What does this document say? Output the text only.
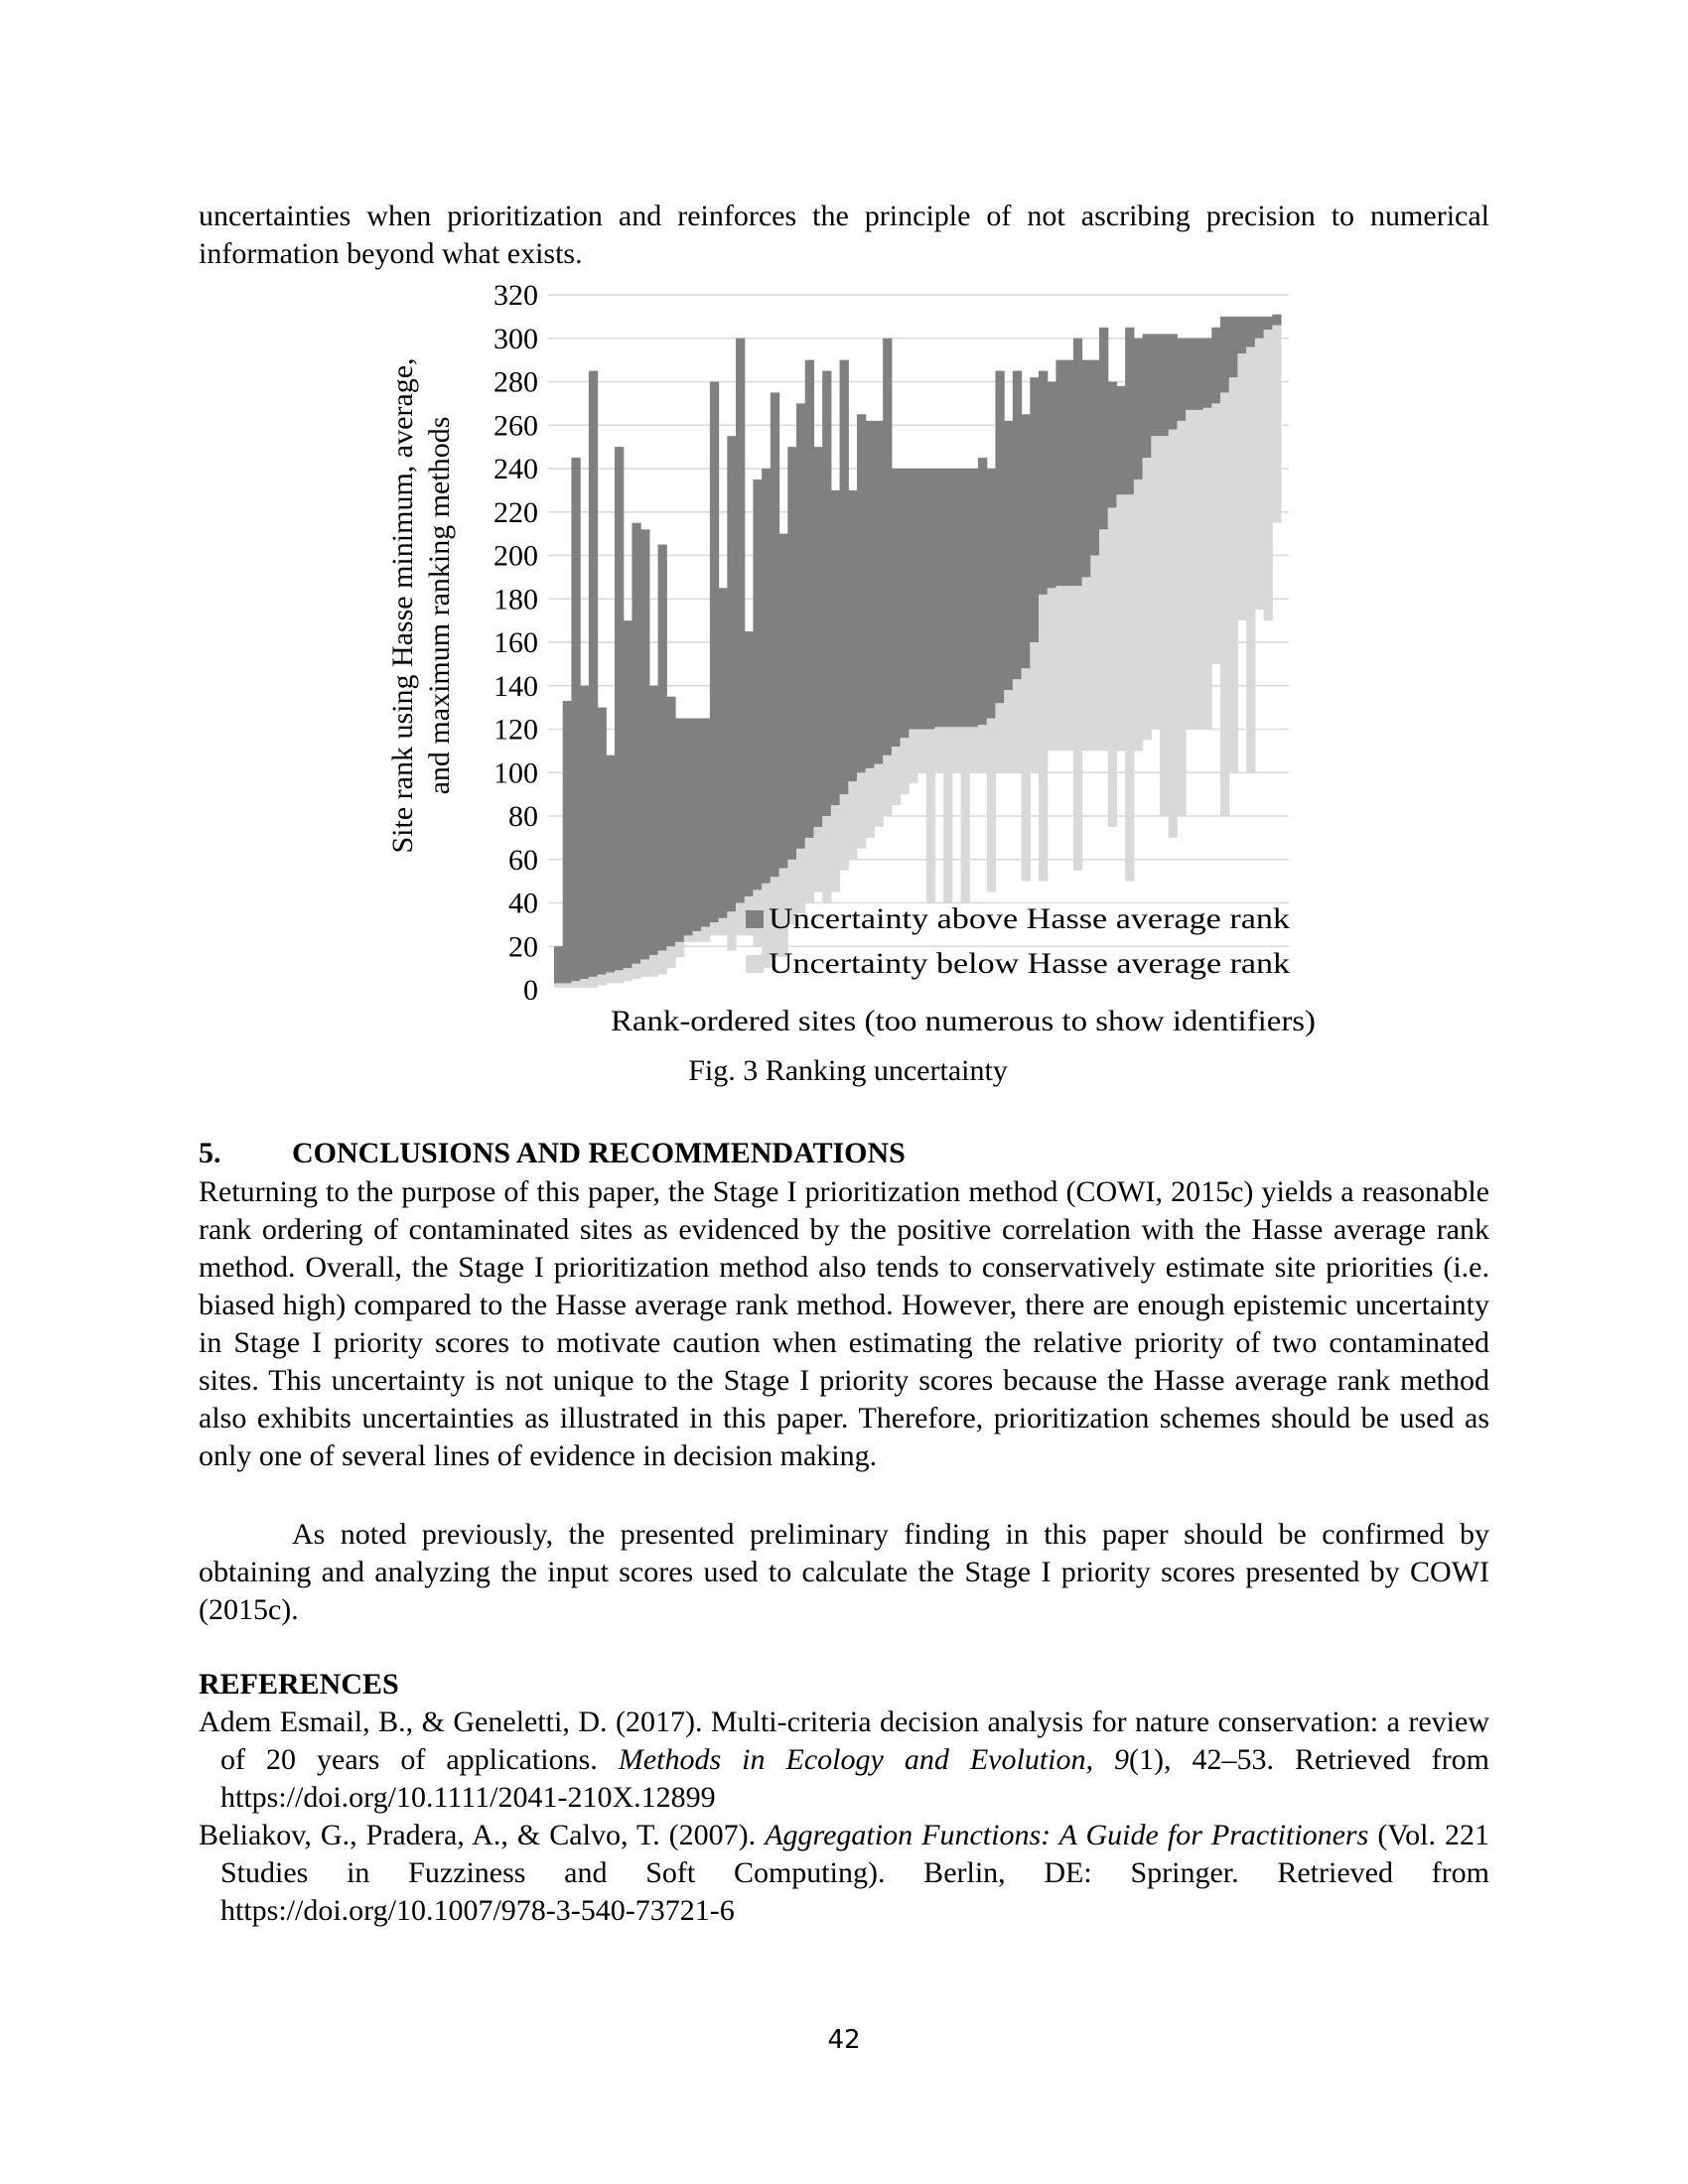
uncertainties when prioritization and reinforces the principle of not ascribing precision to numerical information beyond what exists.

0
20
40
60
80
100
120
140
160
180
200
220
240
260
280
300
320
Site rank using Hasse minimum, average, and maximum ranking methods
Uncertainty above Hasse average rank
Uncertainty below Hasse average rank
Rank-ordered sites (too numerous to show identifiers)

Fig. 3 Ranking uncertainty

5. CONCLUSIONS AND RECOMMENDATIONS

Returning to the purpose of this paper, the Stage I prioritization method (COWI, 2015c) yields a reasonable rank ordering of contaminated sites as evidenced by the positive correlation with the Hasse average rank method. Overall, the Stage I prioritization method also tends to conservatively estimate site priorities (i.e. biased high) compared to the Hasse average rank method. However, there are enough epistemic uncertainty in Stage I priority scores to motivate caution when estimating the relative priority of two contaminated sites. This uncertainty is not unique to the Stage I priority scores because the Hasse average rank method also exhibits uncertainties as illustrated in this paper. Therefore, prioritization schemes should be used as only one of several lines of evidence in decision making.

As noted previously, the presented preliminary finding in this paper should be confirmed by obtaining and analyzing the input scores used to calculate the Stage I priority scores presented by COWI (2015c).

REFERENCES
Adem Esmail, B., & Geneletti, D. (2017). Multi-criteria decision analysis for nature conservation: a review of 20 years of applications. Methods in Ecology and Evolution, 9(1), 42–53. Retrieved from https://doi.org/10.1111/2041-210X.12899
Beliakov, G., Pradera, A., & Calvo, T. (2007). Aggregation Functions: A Guide for Practitioners (Vol. 221 Studies in Fuzziness and Soft Computing). Berlin, DE: Springer. Retrieved from https://doi.org/10.1007/978-3-540-73721-6

42
